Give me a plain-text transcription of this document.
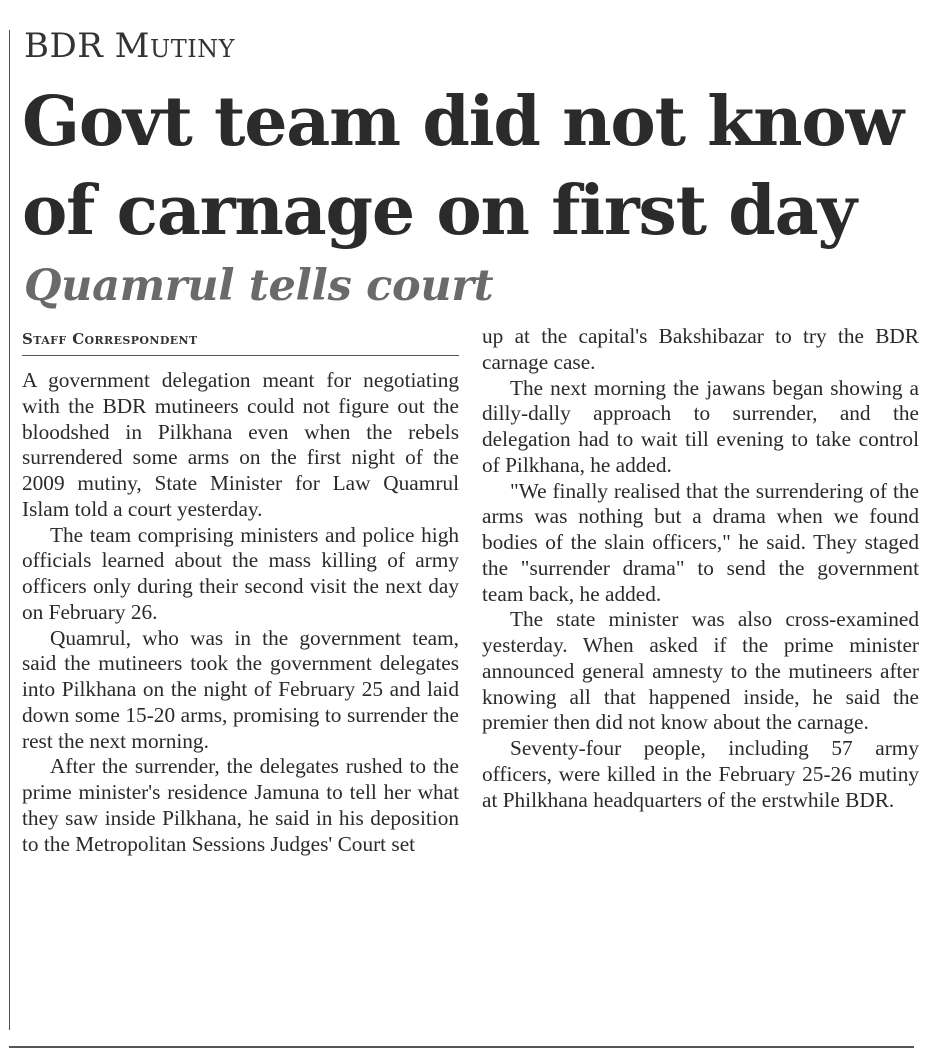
BDR Mutiny
Govt team did not know of carnage on first day
Quamrul tells court
Staff Correspondent

A government delegation meant for negotiating with the BDR mutineers could not figure out the bloodshed in Pilkhana even when the rebels surrendered some arms on the first night of the 2009 mutiny, State Minister for Law Quamrul Islam told a court yesterday.

The team comprising ministers and police high officials learned about the mass killing of army officers only during their second visit the next day on February 26.

Quamrul, who was in the government team, said the mutineers took the government delegates into Pilkhana on the night of February 25 and laid down some 15-20 arms, promising to surrender the rest the next morning.

After the surrender, the delegates rushed to the prime minister's residence Jamuna to tell her what they saw inside Pilkhana, he said in his deposition to the Metropolitan Sessions Judges' Court set

up at the capital's Bakshibazar to try the BDR carnage case.

The next morning the jawans began showing a dilly-dally approach to surrender, and the delegation had to wait till evening to take control of Pilkhana, he added.

"We finally realised that the surrendering of the arms was nothing but a drama when we found bodies of the slain officers," he said. They staged the "surrender drama" to send the government team back, he added.

The state minister was also cross-examined yesterday. When asked if the prime minister announced general amnesty to the mutineers after knowing all that happened inside, he said the premier then did not know about the carnage.

Seventy-four people, including 57 army officers, were killed in the February 25-26 mutiny at Philkhana headquarters of the erstwhile BDR.
